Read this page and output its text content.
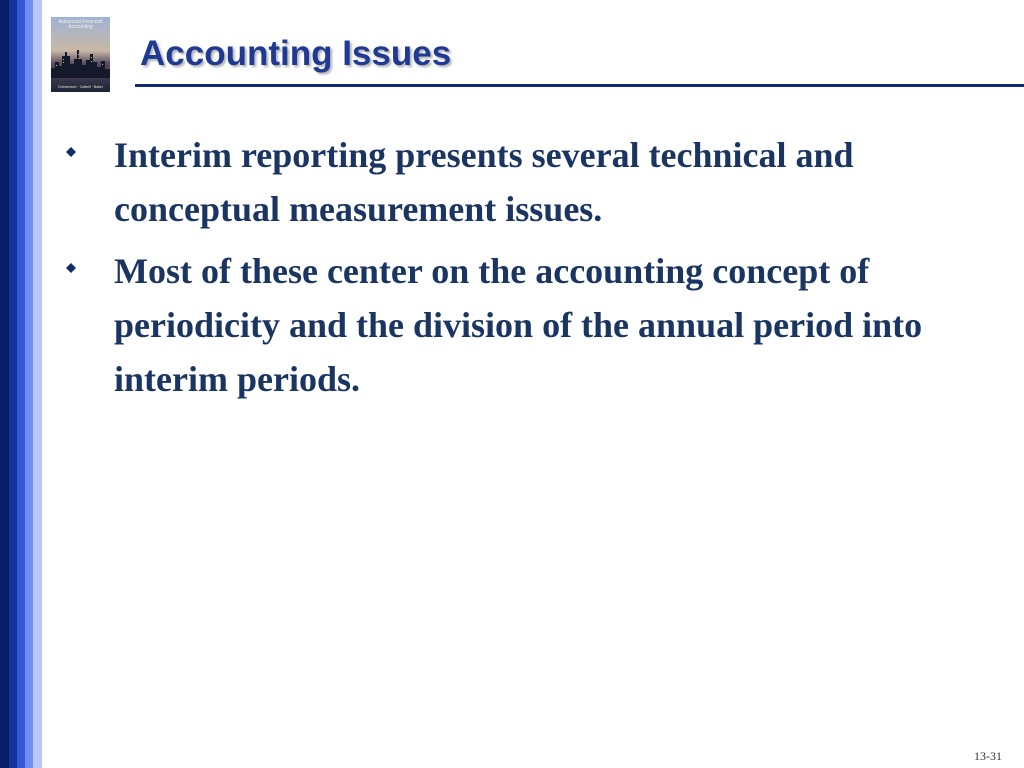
Advanced Financial Accounting
Christensen · Cottrell · Baker
Accounting Issues
Interim reporting presents several technical and conceptual measurement issues.
Most of these center on the accounting concept of periodicity and the division of the annual period into interim periods.
13-31
